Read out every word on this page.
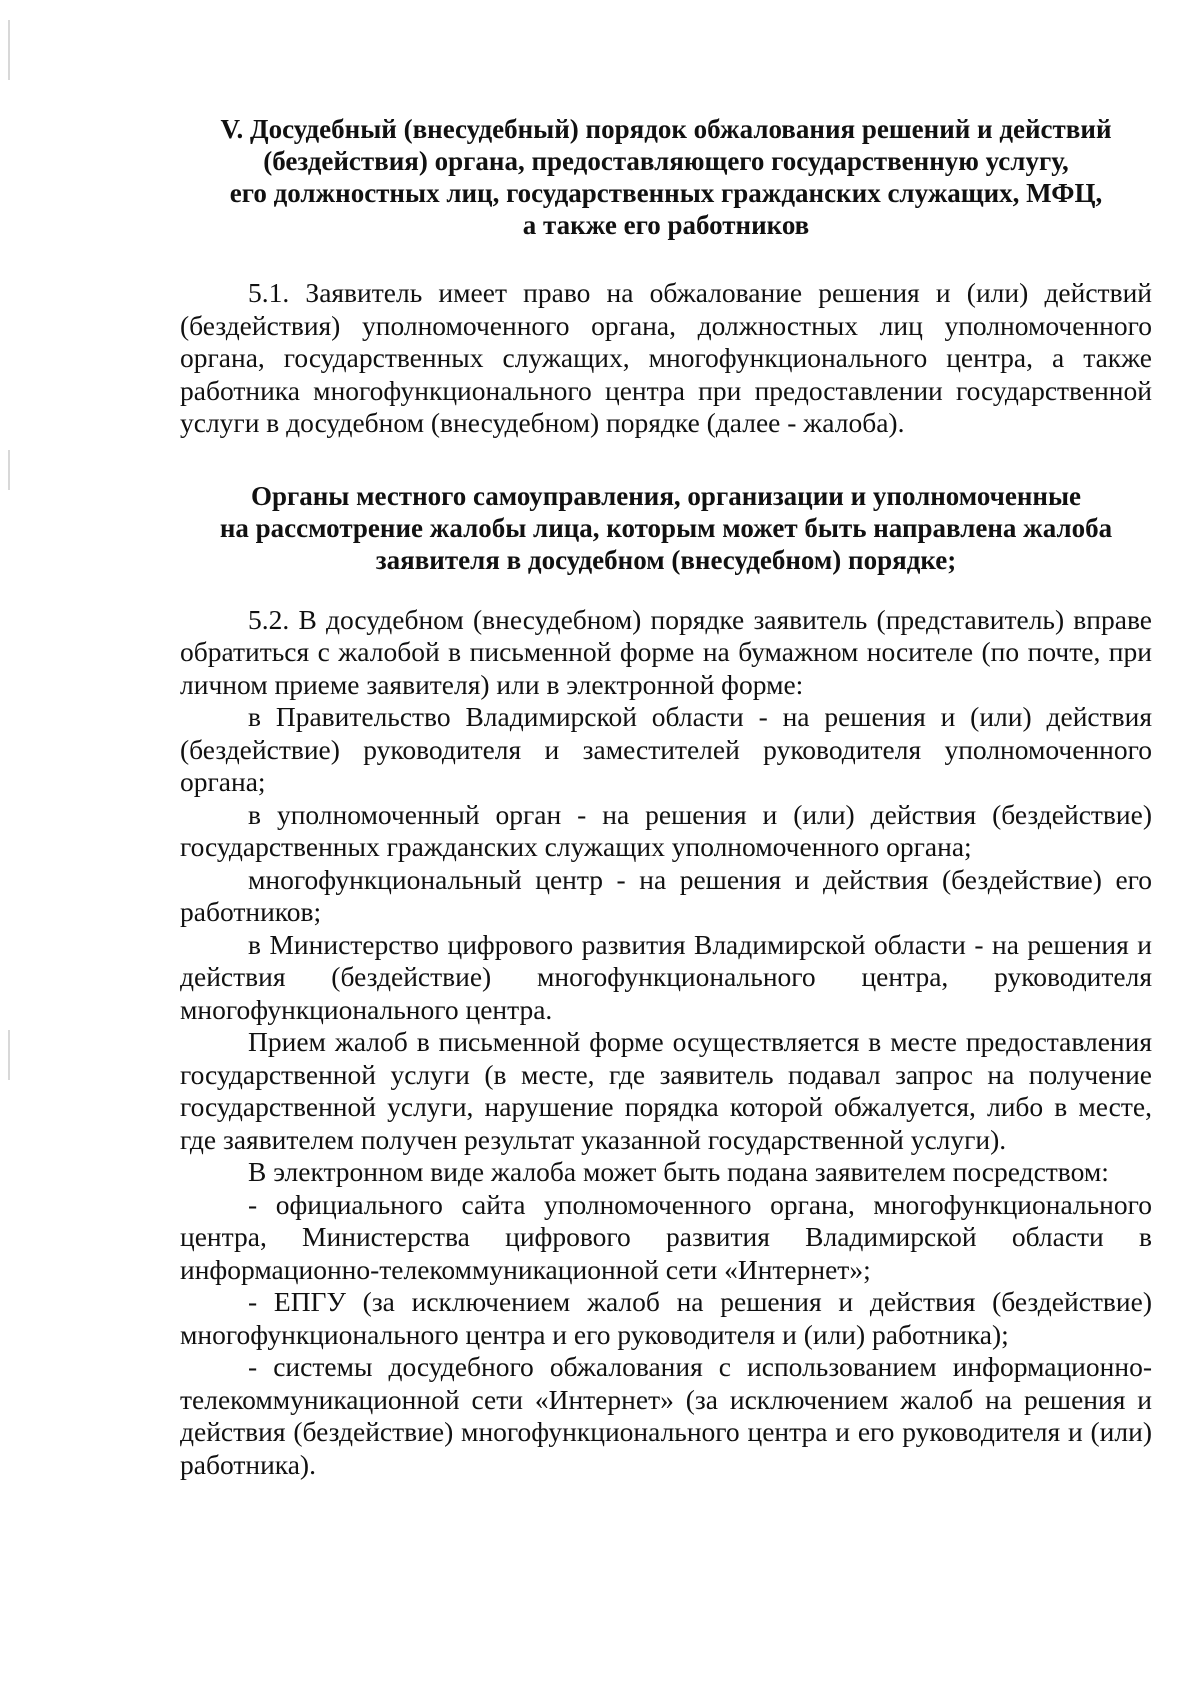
V. Досудебный (внесудебный) порядок обжалования решений и действий
(бездействия) органа, предоставляющего государственную услугу,
его должностных лиц, государственных гражданских служащих, МФЦ,
а также его работников

5.1. Заявитель имеет право на обжалование решения и (или) действий (бездействия) уполномоченного органа, должностных лиц уполномоченного органа, государственных служащих, многофункционального центра, а также работника многофункционального центра при предоставлении государственной услуги в досудебном (внесудебном) порядке (далее - жалоба).

Органы местного самоуправления, организации и уполномоченные
на рассмотрение жалобы лица, которым может быть направлена жалоба
заявителя в досудебном (внесудебном) порядке;

5.2. В досудебном (внесудебном) порядке заявитель (представитель) вправе обратиться с жалобой в письменной форме на бумажном носителе (по почте, при личном приеме заявителя) или в электронной форме:

в Правительство Владимирской области - на решения и (или) действия (бездействие) руководителя и заместителей руководителя уполномоченного органа;

в уполномоченный орган - на решения и (или) действия (бездействие) государственных гражданских служащих уполномоченного органа;

многофункциональный центр - на решения и действия (бездействие) его работников;

в Министерство цифрового развития Владимирской области - на решения и действия (бездействие) многофункционального центра, руководителя многофункционального центра.

Прием жалоб в письменной форме осуществляется в месте предоставления государственной услуги (в месте, где заявитель подавал запрос на получение государственной услуги, нарушение порядка которой обжалуется, либо в месте, где заявителем получен результат указанной государственной услуги).

В электронном виде жалоба может быть подана заявителем посредством:

- официального сайта уполномоченного органа, многофункционального центра, Министерства цифрового развития Владимирской области в информационно-телекоммуникационной сети «Интернет»;

- ЕПГУ (за исключением жалоб на решения и действия (бездействие) многофункционального центра и его руководителя и (или) работника);

- системы досудебного обжалования с использованием информационно-телекоммуникационной сети «Интернет» (за исключением жалоб на решения и действия (бездействие) многофункционального центра и его руководителя и (или) работника).
